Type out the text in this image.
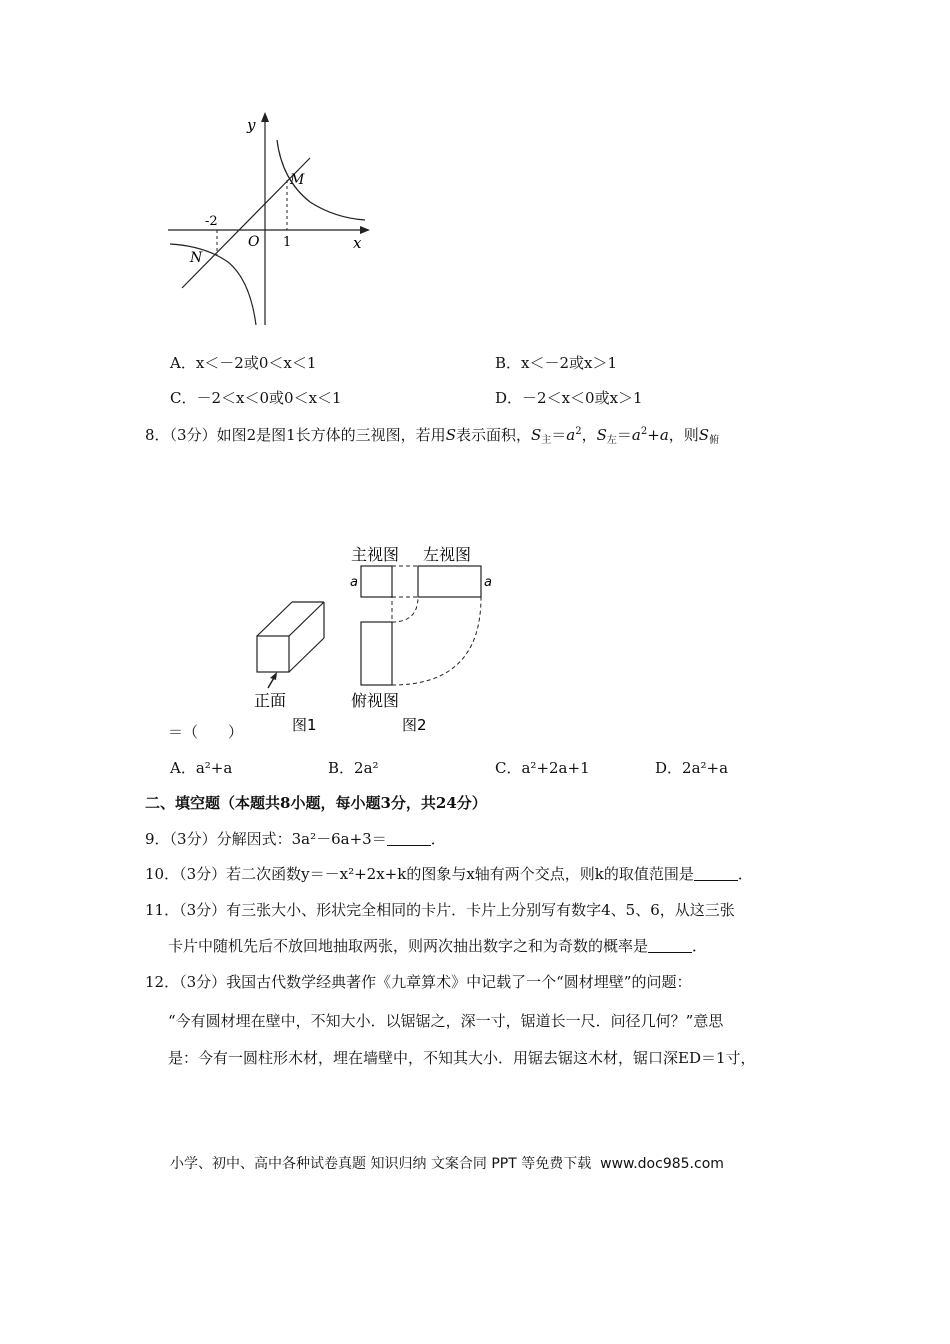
y
x
O
-2
1
M
N
A．x＜－2或0＜x＜1	B．x＜－2或x＞1
C．－2＜x＜0或0＜x＜1	D．－2＜x＜0或x＞1
8．（3分）如图2是图1长方体的三视图，若用S表示面积，$S_主=a^2$，$S_左=a^2+a$，则$S_俯$
正面
图1
主视图 左视图
a	a
俯视图
图2
＝（　　）
A．a²+a	B．2a²	C．a²+2a+1	D．2a²+a
二、填空题（本题共8小题，每小题3分，共24分）
9．（3分）分解因式：3a²－6a+3＝	．
10．（3分）若二次函数y＝－x²+2x+k的图象与x轴有两个交点，则k的取值范围是	．
11．（3分）有三张大小、形状完全相同的卡片．卡片上分别写有数字4、5、6，从这三张
卡片中随机先后不放回地抽取两张，则两次抽出数字之和为奇数的概率是	．
12．（3分）我国古代数学经典著作《九章算术》中记载了一个“圆材埋壁”的问题：
“今有圆材埋在壁中，不知大小．以锯锯之，深一寸，锯道长一尺．问径几何？”意思
是：今有一圆柱形木材，埋在墙壁中，不知其大小．用锯去锯这木材，锯口深ED＝1寸，
小学、初中、高中各种试卷真题 知识归纳 文案合同 PPT 等免费下载 www.doc985.com
